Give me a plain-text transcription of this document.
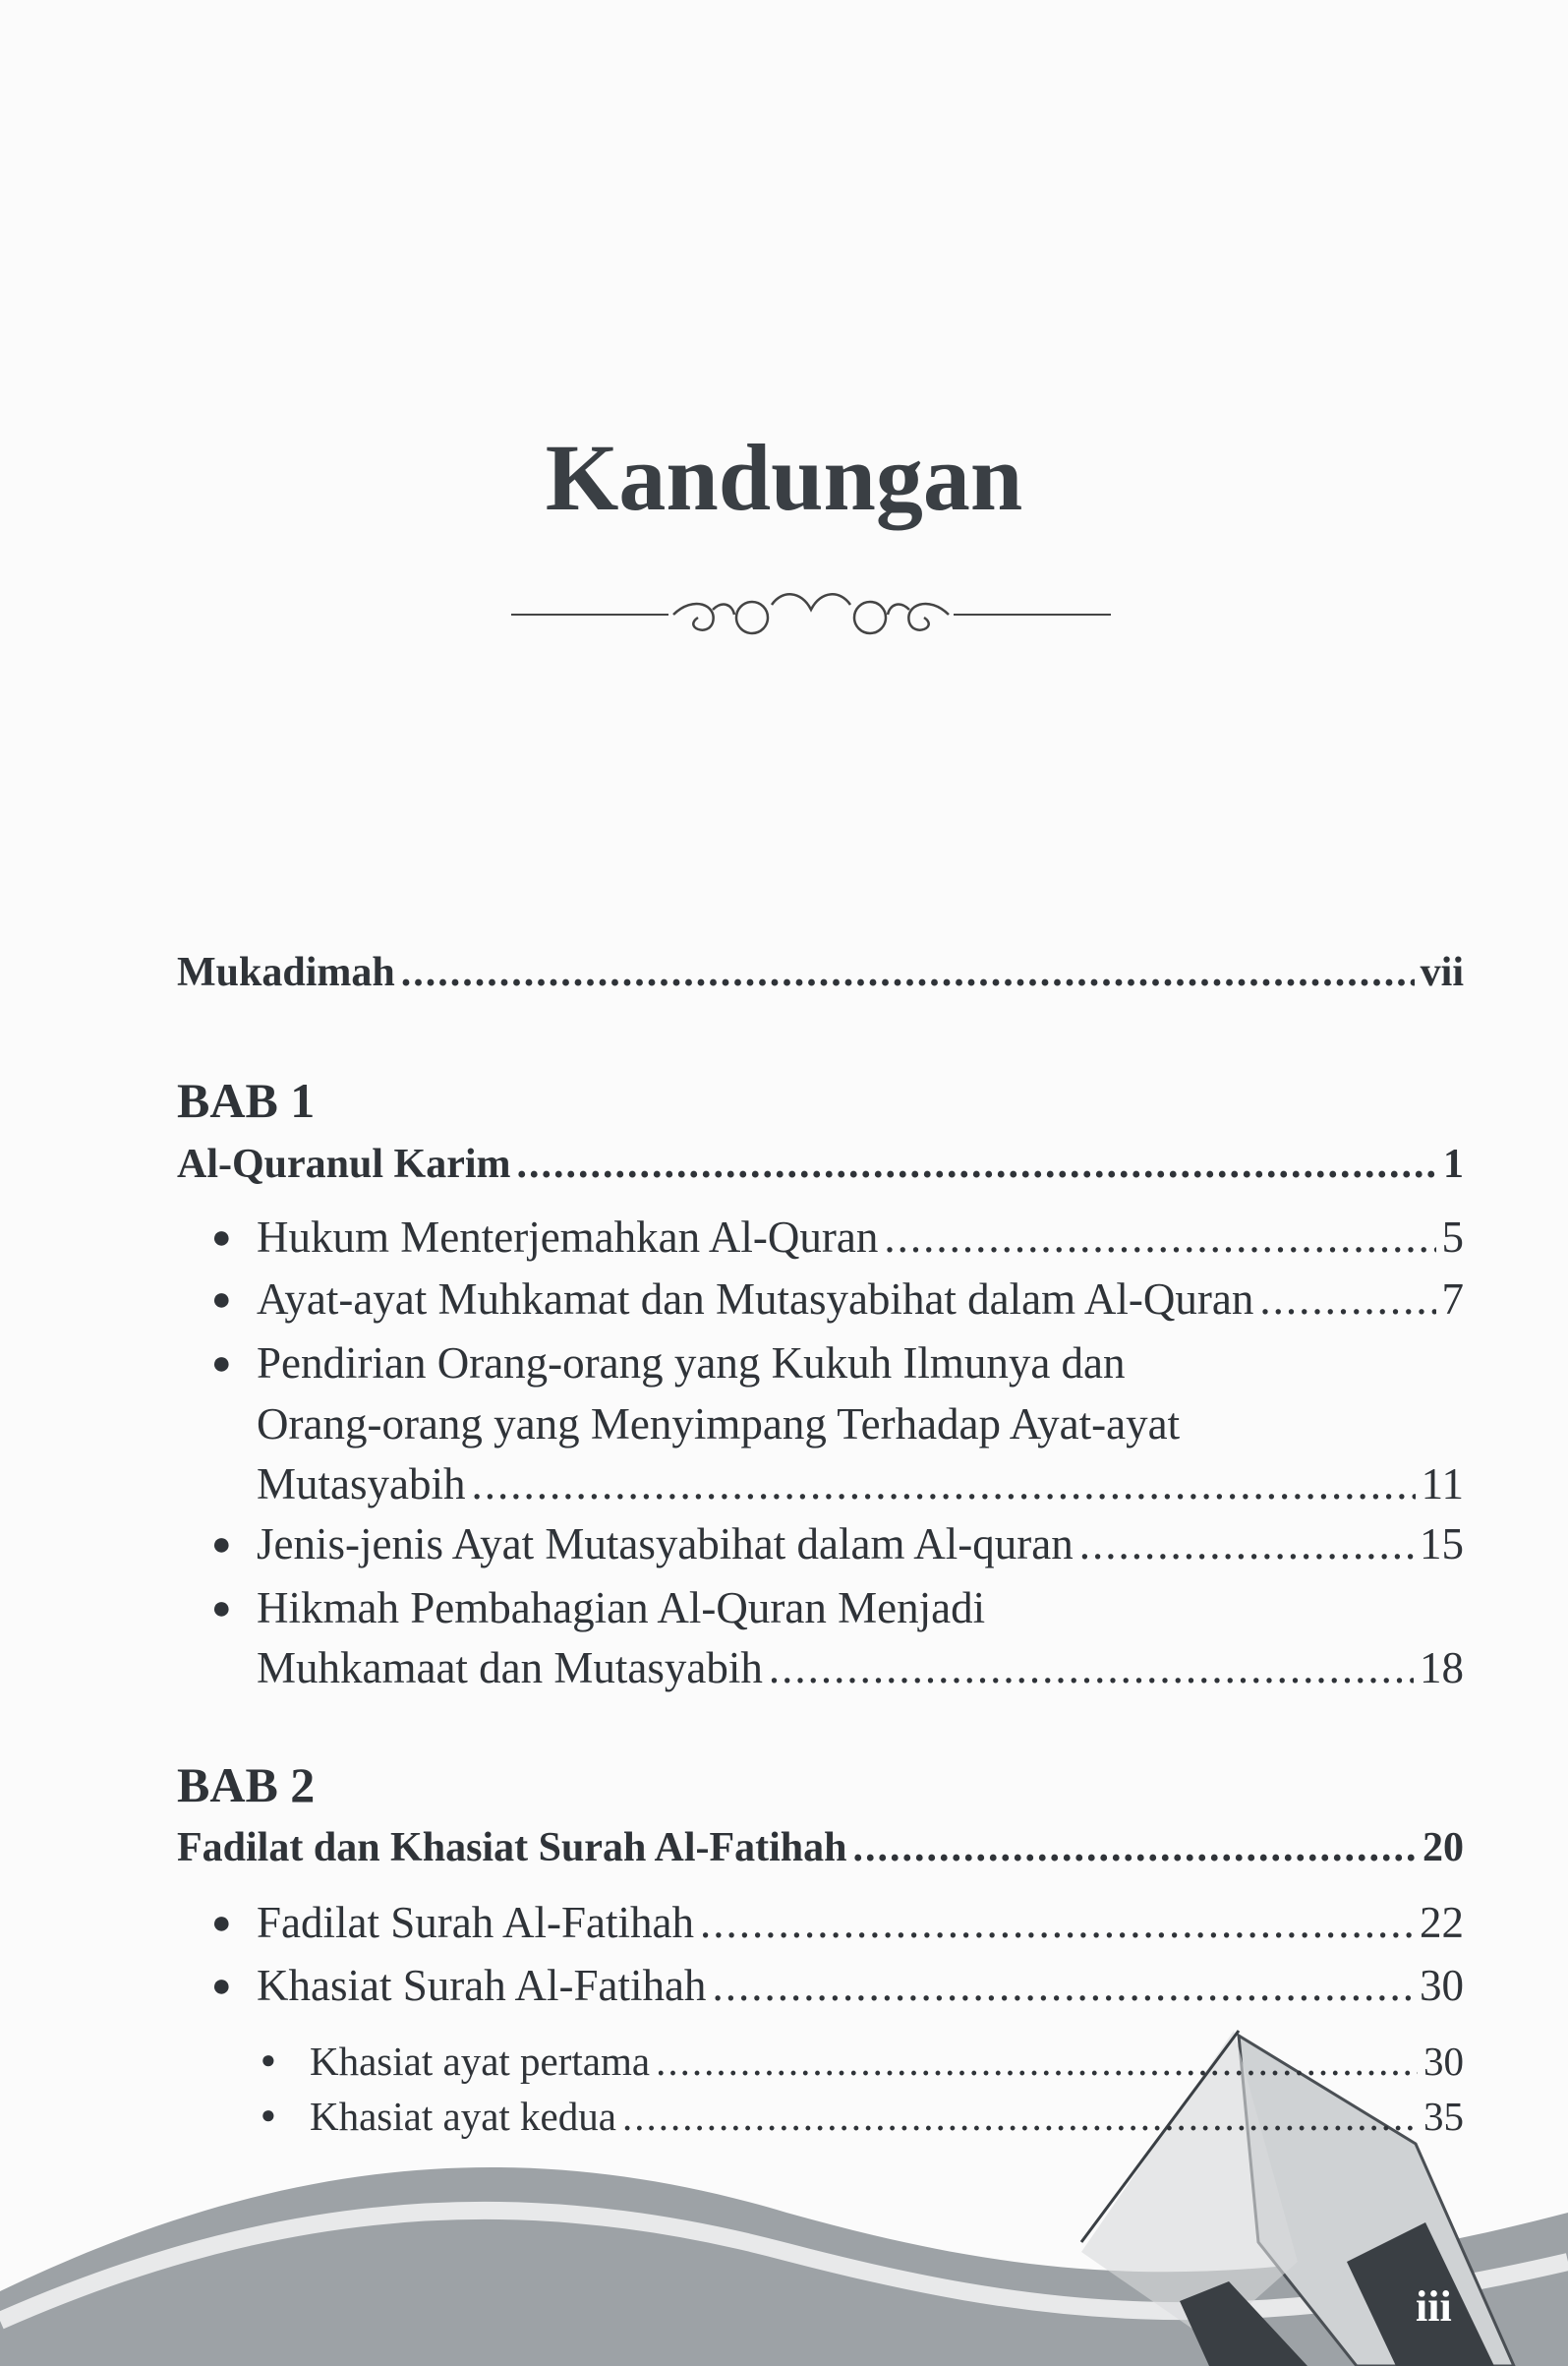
Kandungan
Mukadimah .....	vii
BAB 1
Al-Quranul Karim .....	1
● Hukum Menterjemahkan Al-Quran .....	5
● Ayat-ayat Muhkamat dan Mutasyabihat dalam Al-Quran .....	7
● Pendirian Orang-orang yang Kukuh Ilmunya dan
Orang-orang yang Menyimpang Terhadap Ayat-ayat
Mutasyabih .....	11
● Jenis-jenis Ayat Mutasyabihat dalam Al-quran .....	15
● Hikmah Pembahagian Al-Quran Menjadi
Muhkamaat dan Mutasyabih .....	18
BAB 2
Fadilat dan Khasiat Surah Al-Fatihah .....	20
● Fadilat Surah Al-Fatihah .....	22
● Khasiat Surah Al-Fatihah .....	30
● Khasiat ayat pertama .....	30
● Khasiat ayat kedua .....	35
iii
